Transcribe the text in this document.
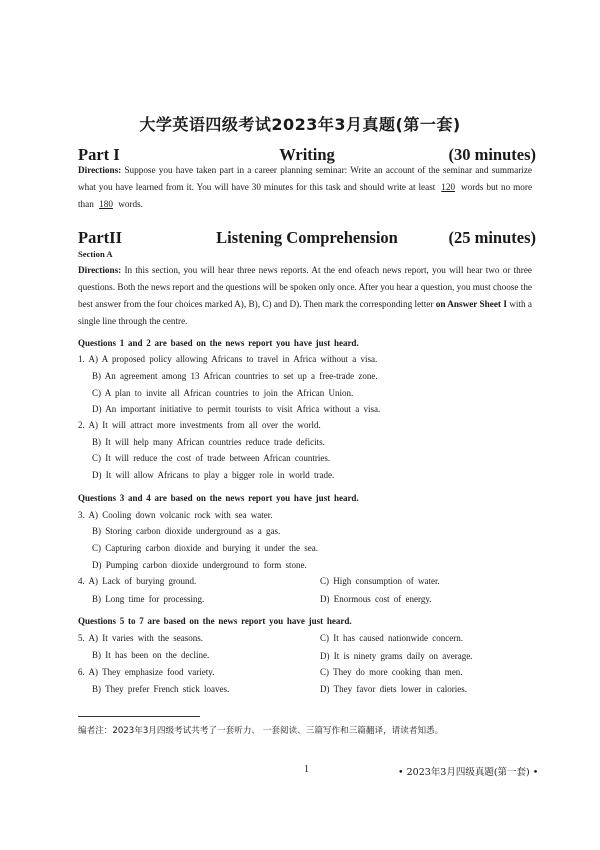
大学英语四级考试2023年3月真题(第一套)
Part I	Writing	(30 minutes)
Directions: Suppose you have taken part in a career planning seminar: Write an account of the seminar and summarize what you have learned from it. You will have 30 minutes for this task and should write at least 120 words but no more than 180 words.
PartII	Listening Comprehension	(25 minutes)
Section A
Directions: In this section, you will hear three news reports. At the end ofeach news report, you will hear two or three questions. Both the news report and the questions will be spoken only once. After you hear a question, you must choose the best answer from the four choices marked A), B), C) and D). Then mark the corresponding letter on Answer Sheet I with a single line through the centre.
Questions 1 and 2 are based on the news report you have just heard.
1. A) A proposed policy allowing Africans to travel in Africa without a visa.
B) An agreement among 13 African countries to set up a free-trade zone.
C) A plan to invite all African countries to join the African Union.
D) An important initiative to permit tourists to visit Africa without a visa.
2. A) It will attract more investments from all over the world.
B) It will help many African countries reduce trade deficits.
C) It will reduce the cost of trade between African countries.
D) It will allow Africans to play a bigger role in world trade.
Questions 3 and 4 are based on the news report you have just heard.
3. A) Cooling down volcanic rock with sea water.
B) Storing carbon dioxide underground as a gas.
C) Capturing carbon dioxide and burying it under the sea.
D) Pumping carbon dioxide underground to form stone.
4. A) Lack of burying ground.	C) High consumption of water.
B) Long time for processing.	D) Enormous cost of energy.
Questions 5 to 7 are based on the news report you have just heard.
5. A) It varies with the seasons.	C) It has caused nationwide concern.
B) It has been on the decline.	D) It is ninety grams daily on average.
6. A) They emphasize food variety.	C) They do more cooking than men.
B) They prefer French stick loaves.	D) They favor diets lower in calories.
编者注：2023年3月四级考试共考了一套听力、 一套阅读、三篇写作和三篇翻译，请读者知悉。
1	• 2023年3月四级真题(第一套) •
